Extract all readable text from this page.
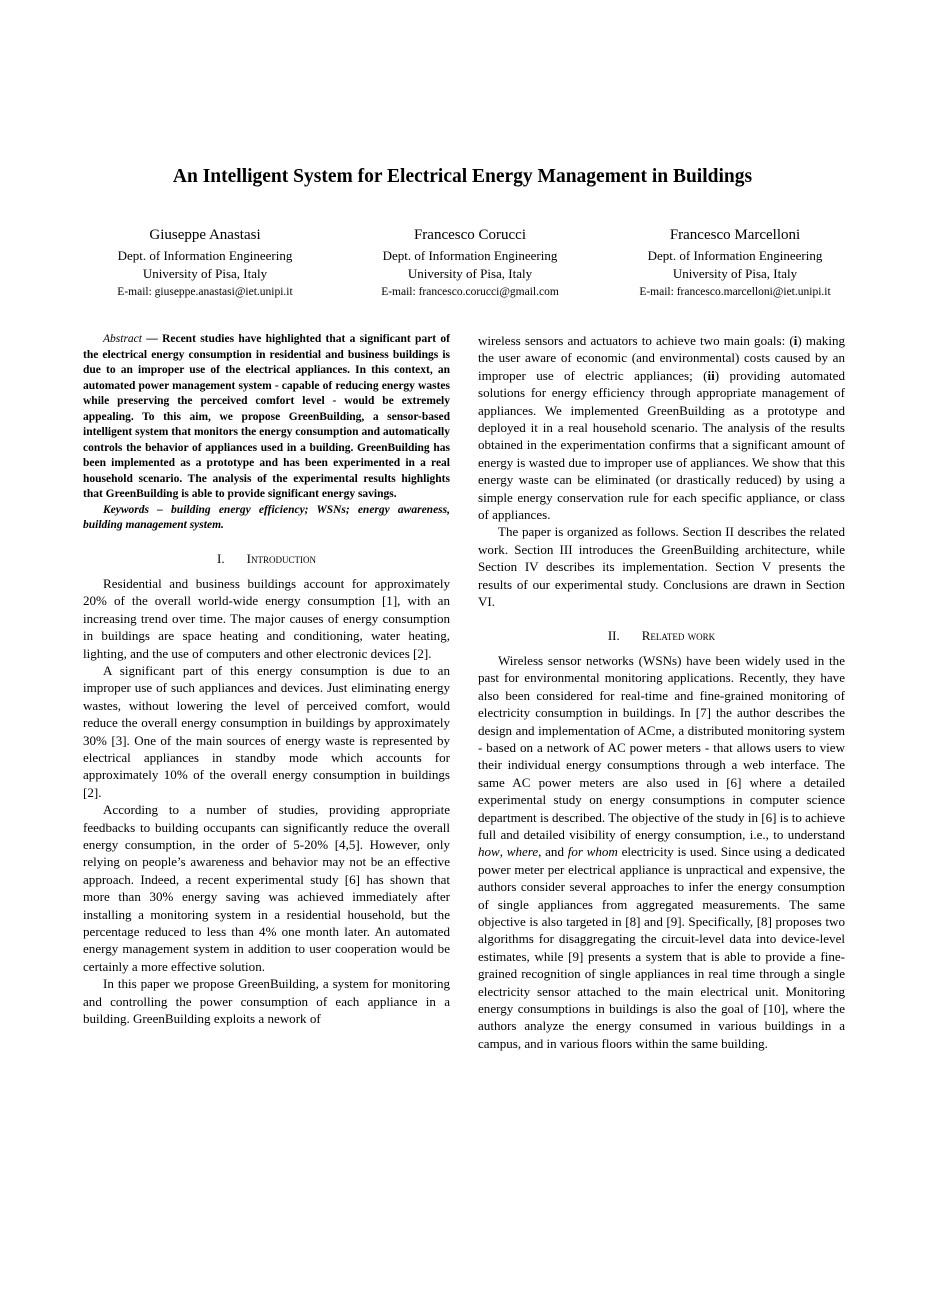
An Intelligent System for Electrical Energy Management in Buildings
Giuseppe Anastasi
Dept. of Information Engineering
University of Pisa, Italy
E-mail: giuseppe.anastasi@iet.unipi.it
Francesco Corucci
Dept. of Information Engineering
University of Pisa, Italy
E-mail: francesco.corucci@gmail.com
Francesco Marcelloni
Dept. of Information Engineering
University of Pisa, Italy
E-mail: francesco.marcelloni@iet.unipi.it

Abstract — Recent studies have highlighted that a significant part of the electrical energy consumption in residential and business buildings is due to an improper use of the electrical appliances. In this context, an automated power management system - capable of reducing energy wastes while preserving the perceived comfort level - would be extremely appealing. To this aim, we propose GreenBuilding, a sensor-based intelligent system that monitors the energy consumption and automatically controls the behavior of appliances used in a building. GreenBuilding has been implemented as a prototype and has been experimented in a real household scenario. The analysis of the experimental results highlights that GreenBuilding is able to provide significant energy savings.

Keywords – building energy efficiency; WSNs; energy awareness, building management system.

I. Introduction

Residential and business buildings account for approximately 20% of the overall world-wide energy consumption [1], with an increasing trend over time. The major causes of energy consumption in buildings are space heating and conditioning, water heating, lighting, and the use of computers and other electronic devices [2].

A significant part of this energy consumption is due to an improper use of such appliances and devices. Just eliminating energy wastes, without lowering the level of perceived comfort, would reduce the overall energy consumption in buildings by approximately 30% [3]. One of the main sources of energy waste is represented by electrical appliances in standby mode which accounts for approximately 10% of the overall energy consumption in buildings [2].

According to a number of studies, providing appropriate feedbacks to building occupants can significantly reduce the overall energy consumption, in the order of 5-20% [4,5]. However, only relying on people’s awareness and behavior may not be an effective approach. Indeed, a recent experimental study [6] has shown that more than 30% energy saving was achieved immediately after installing a monitoring system in a residential household, but the percentage reduced to less than 4% one month later. An automated energy management system in addition to user cooperation would be certainly a more effective solution.

In this paper we propose GreenBuilding, a system for monitoring and controlling the power consumption of each appliance in a building. GreenBuilding exploits a nework of

wireless sensors and actuators to achieve two main goals: (i) making the user aware of economic (and environmental) costs caused by an improper use of electric appliances; (ii) providing automated solutions for energy efficiency through appropriate management of appliances. We implemented GreenBuilding as a prototype and deployed it in a real household scenario. The analysis of the results obtained in the experimentation confirms that a significant amount of energy is wasted due to improper use of appliances. We show that this energy waste can be eliminated (or drastically reduced) by using a simple energy conservation rule for each specific appliance, or class of appliances.

The paper is organized as follows. Section II describes the related work. Section III introduces the GreenBuilding architecture, while Section IV describes its implementation. Section V presents the results of our experimental study. Conclusions are drawn in Section VI.

II. Related work

Wireless sensor networks (WSNs) have been widely used in the past for environmental monitoring applications. Recently, they have also been considered for real-time and fine-grained monitoring of electricity consumption in buildings. In [7] the author describes the design and implementation of ACme, a distributed monitoring system - based on a network of AC power meters - that allows users to view their individual energy consumptions through a web interface. The same AC power meters are also used in [6] where a detailed experimental study on energy consumptions in computer science department is described. The objective of the study in [6] is to achieve full and detailed visibility of energy consumption, i.e., to understand how, where, and for whom electricity is used. Since using a dedicated power meter per electrical appliance is unpractical and expensive, the authors consider several approaches to infer the energy consumption of single appliances from aggregated measurements. The same objective is also targeted in [8] and [9]. Specifically, [8] proposes two algorithms for disaggregating the circuit-level data into device-level estimates, while [9] presents a system that is able to provide a fine-grained recognition of single appliances in real time through a single electricity sensor attached to the main electrical unit. Monitoring energy consumptions in buildings is also the goal of [10], where the authors analyze the energy consumed in various buildings in a campus, and in various floors within the same building.
